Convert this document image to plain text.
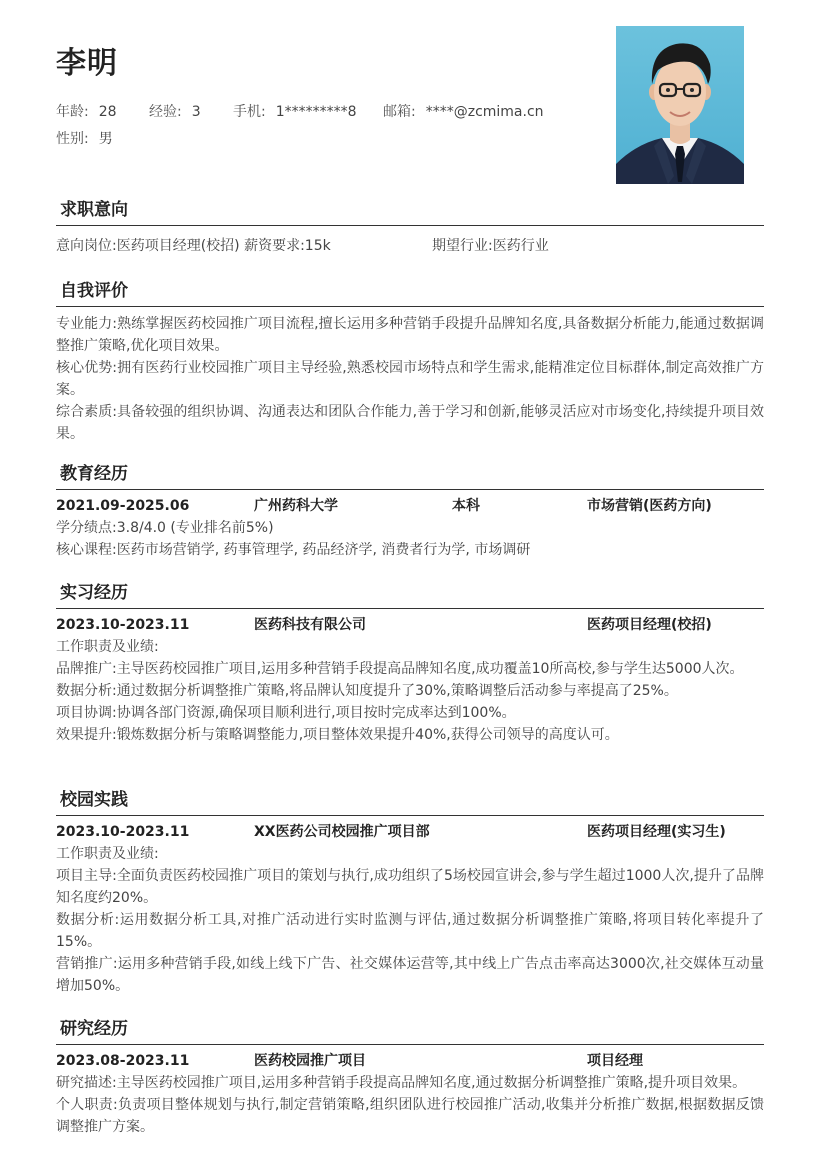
李明
年龄: 28 经验: 3 手机: 1*********8 邮箱: ****@zcmima.cn
性别: 男
求职意向
意向岗位:医药项目经理(校招) 薪资要求:15k	期望行业:医药行业
自我评价
专业能力:熟练掌握医药校园推广项目流程,擅长运用多种营销手段提升品牌知名度,具备数据分析能力,能通过数据调整推广策略,优化项目效果。
核心优势:拥有医药行业校园推广项目主导经验,熟悉校园市场特点和学生需求,能精准定位目标群体,制定高效推广方案。
综合素质:具备较强的组织协调、沟通表达和团队合作能力,善于学习和创新,能够灵活应对市场变化,持续提升项目效果。
教育经历
2021.09-2025.06	广州药科大学	本科	市场营销(医药方向)
学分绩点:3.8/4.0 (专业排名前5%)
核心课程:医药市场营销学, 药事管理学, 药品经济学, 消费者行为学, 市场调研
实习经历
2023.10-2023.11	医药科技有限公司	医药项目经理(校招)
工作职责及业绩:
品牌推广:主导医药校园推广项目,运用多种营销手段提高品牌知名度,成功覆盖10所高校,参与学生达5000人次。
数据分析:通过数据分析调整推广策略,将品牌认知度提升了30%,策略调整后活动参与率提高了25%。
项目协调:协调各部门资源,确保项目顺利进行,项目按时完成率达到100%。
效果提升:锻炼数据分析与策略调整能力,项目整体效果提升40%,获得公司领导的高度认可。
校园实践
2023.10-2023.11	XX医药公司校园推广项目部	医药项目经理(实习生)
工作职责及业绩:
项目主导:全面负责医药校园推广项目的策划与执行,成功组织了5场校园宣讲会,参与学生超过1000人次,提升了品牌知名度约20%。
数据分析:运用数据分析工具,对推广活动进行实时监测与评估,通过数据分析调整推广策略,将项目转化率提升了15%。
营销推广:运用多种营销手段,如线上线下广告、社交媒体运营等,其中线上广告点击率高达3000次,社交媒体互动量增加50%。
研究经历
2023.08-2023.11	医药校园推广项目	项目经理
研究描述:主导医药校园推广项目,运用多种营销手段提高品牌知名度,通过数据分析调整推广策略,提升项目效果。
个人职责:负责项目整体规划与执行,制定营销策略,组织团队进行校园推广活动,收集并分析推广数据,根据数据反馈调整推广方案。
